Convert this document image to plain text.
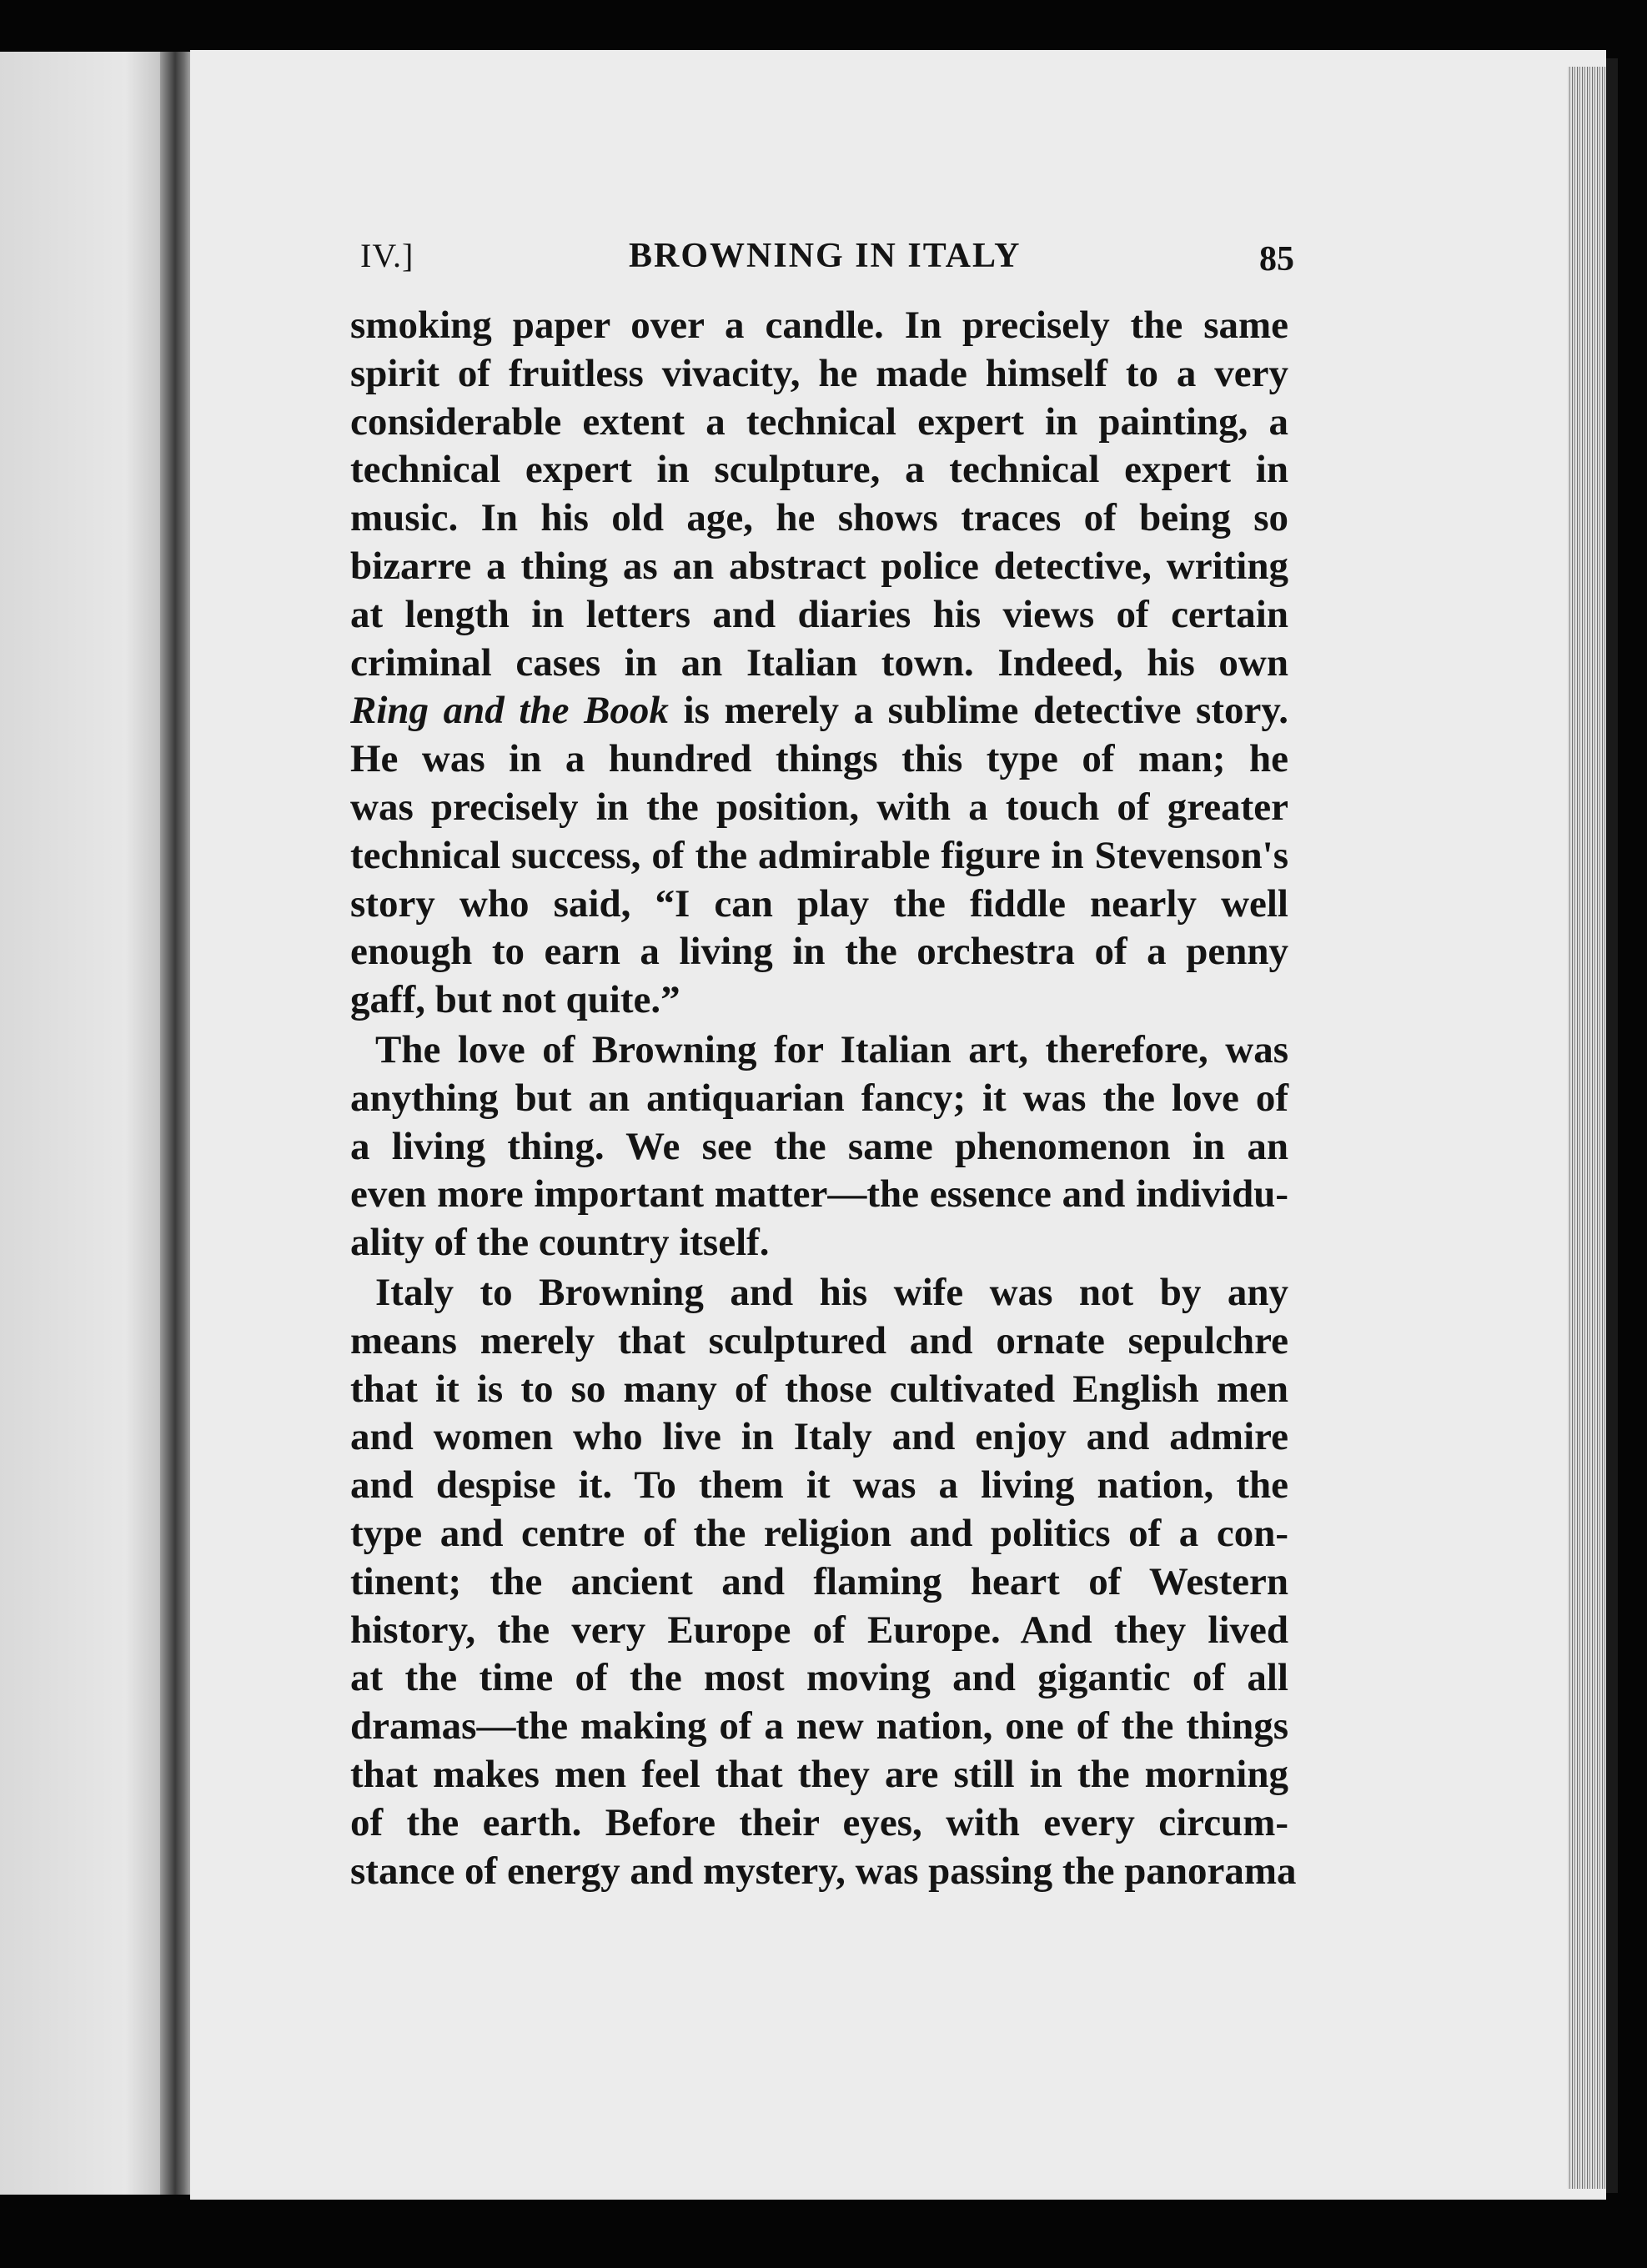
IV.]	BROWNING IN ITALY	85
smoking paper over a candle. In precisely the same
spirit of fruitless vivacity, he made himself to a very
considerable extent a technical expert in painting, a
technical expert in sculpture, a technical expert in
music. In his old age, he shows traces of being so
bizarre a thing as an abstract police detective, writing
at length in letters and diaries his views of certain
criminal cases in an Italian town. Indeed, his own
Ring and the Book is merely a sublime detective story.
He was in a hundred things this type of man; he
was precisely in the position, with a touch of greater
technical success, of the admirable figure in Stevenson's
story who said, “I can play the fiddle nearly well
enough to earn a living in the orchestra of a penny
gaff, but not quite.”
The love of Browning for Italian art, therefore, was
anything but an antiquarian fancy; it was the love of
a living thing. We see the same phenomenon in an
even more important matter—the essence and individu-
ality of the country itself.
Italy to Browning and his wife was not by any
means merely that sculptured and ornate sepulchre
that it is to so many of those cultivated English men
and women who live in Italy and enjoy and admire
and despise it. To them it was a living nation, the
type and centre of the religion and politics of a con-
tinent; the ancient and flaming heart of Western
history, the very Europe of Europe. And they lived
at the time of the most moving and gigantic of all
dramas—the making of a new nation, one of the things
that makes men feel that they are still in the morning
of the earth. Before their eyes, with every circum-
stance of energy and mystery, was passing the panorama
